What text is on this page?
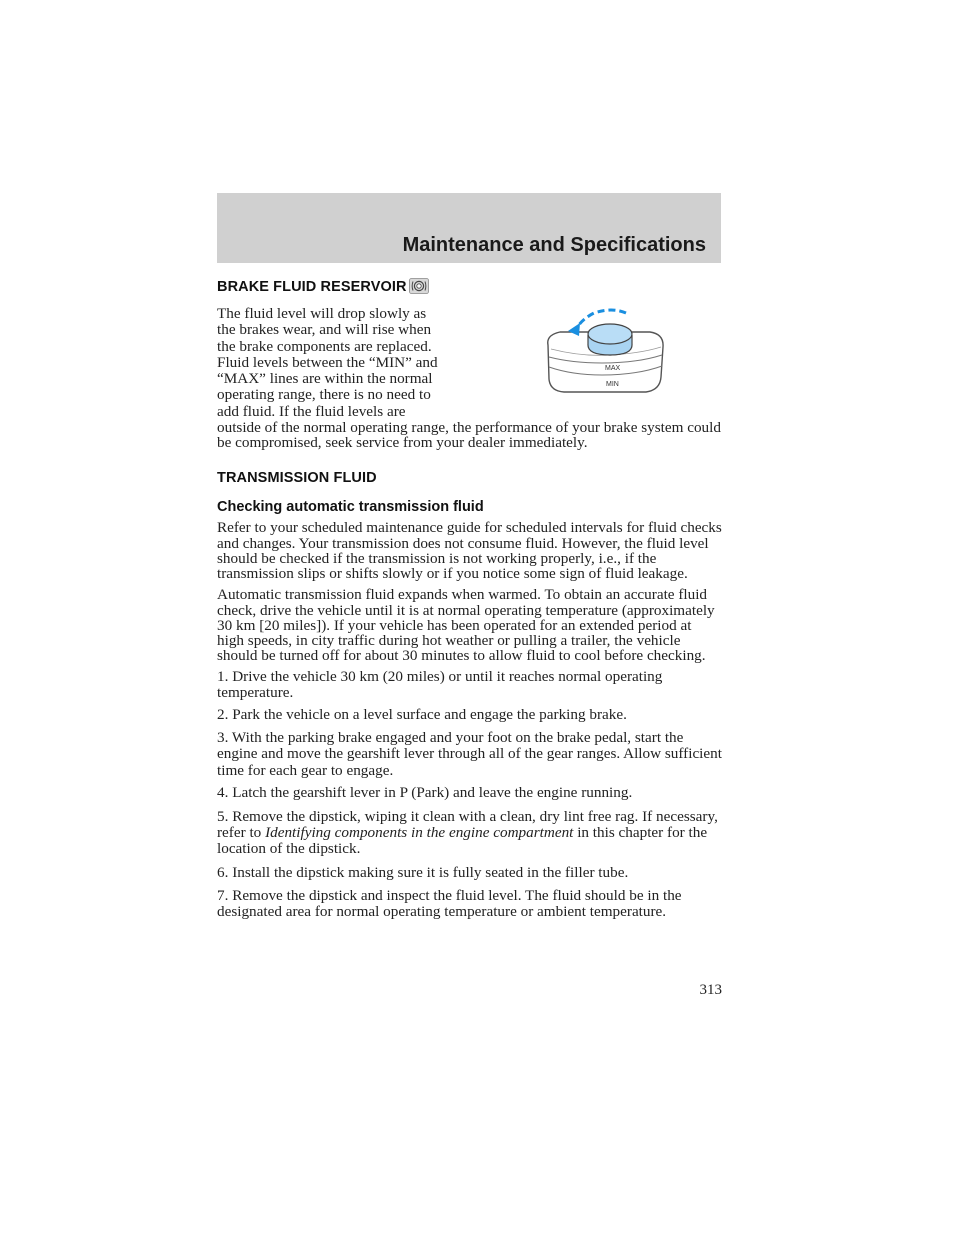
Maintenance and Specifications
BRAKE FLUID RESERVOIR

The fluid level will drop slowly as

the brakes wear, and will rise when

the brake components are replaced.

Fluid levels between the “MIN” and

“MAX” lines are within the normal

operating range, there is no need to

add fluid. If the fluid levels are

outside of the normal operating range, the performance of your brake system could be compromised, seek service from your dealer immediately.

TRANSMISSION FLUID
Checking automatic transmission fluid

Refer to your scheduled maintenance guide for scheduled intervals for fluid checks and changes. Your transmission does not consume fluid. However, the fluid level should be checked if the transmission is not working properly, i.e., if the transmission slips or shifts slowly or if you notice some sign of fluid leakage.

Automatic transmission fluid expands when warmed. To obtain an accurate fluid check, drive the vehicle until it is at normal operating temperature (approximately 30 km [20 miles]). If your vehicle has been operated for an extended period at high speeds, in city traffic during hot weather or pulling a trailer, the vehicle should be turned off for about 30 minutes to allow fluid to cool before checking.

1. Drive the vehicle 30 km (20 miles) or until it reaches normal operating temperature.

2. Park the vehicle on a level surface and engage the parking brake.

3. With the parking brake engaged and your foot on the brake pedal, start the engine and move the gearshift lever through all of the gear ranges. Allow sufficient time for each gear to engage.

4. Latch the gearshift lever in P (Park) and leave the engine running.

5. Remove the dipstick, wiping it clean with a clean, dry lint free rag. If necessary, refer to Identifying components in the engine compartment in this chapter for the location of the dipstick.

6. Install the dipstick making sure it is fully seated in the filler tube.

7. Remove the dipstick and inspect the fluid level. The fluid should be in the designated area for normal operating temperature or ambient temperature.

MAX
MIN
313
